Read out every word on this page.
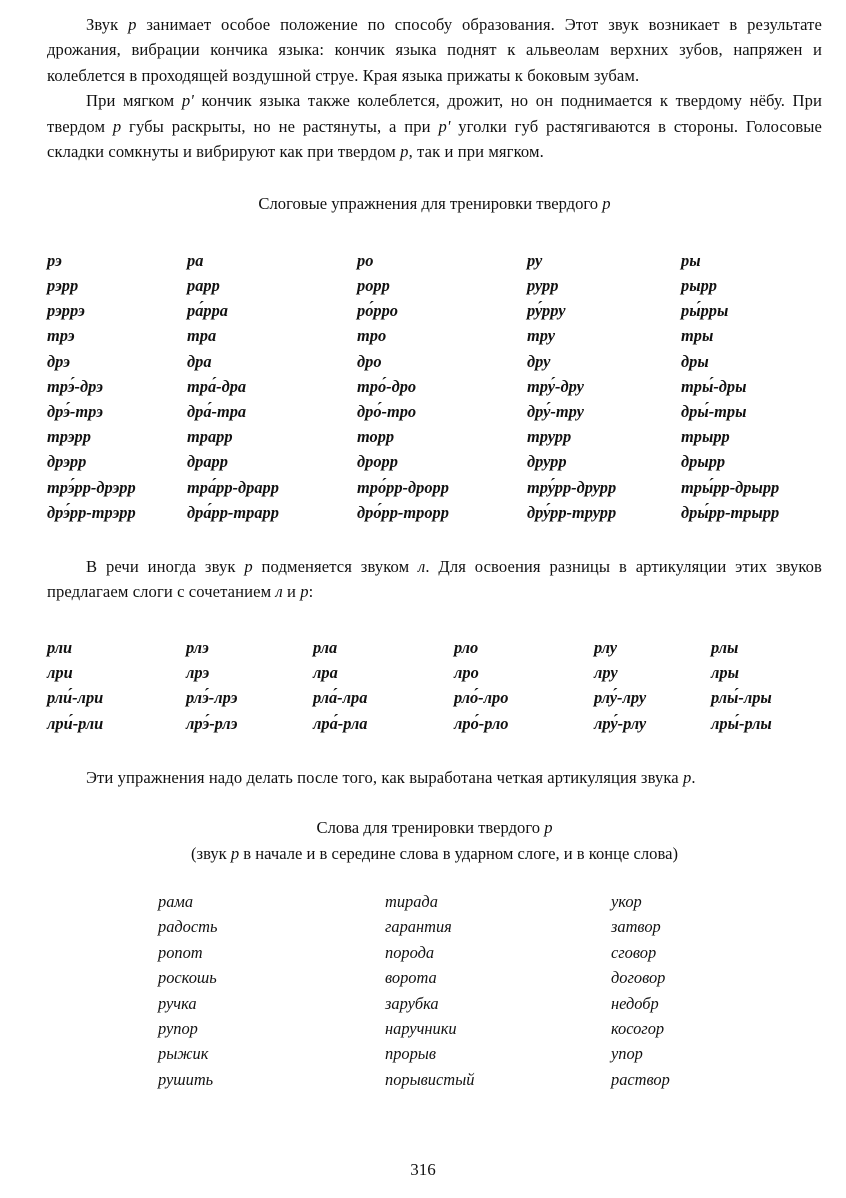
Звук р занимает особое положение по способу образования. Этот звук возникает в результате дрожания, вибрации кончика языка: кончик языка поднят к альвеолам верхних зубов, напряжен и колеблется в проходящей воздушной струе. Края языка прижаты к боковым зубам.

При мягком р' кончик языка также колеблется, дрожит, но он поднимается к твердому нёбу. При твердом р губы раскрыты, но не растянуты, а при р' уголки губ растягиваются в стороны. Голосовые складки сомкнуты и вибрируют как при твердом р, так и при мягком.

Слоговые упражнения для тренировки твердого р
рэ	ра	ро	ру	ры
рэрр	рарр	рорр	рурр	рырр
рэррэ	ра́рра	ро́рро	ру́рру	ры́рры
трэ	тра	тро	тру	тры
дрэ	дра	дро	дру	дры
трэ́-дрэ	тра́-дра	тро́-дро	тру́-дру	тры́-дры
дрэ́-трэ	дра́-тра	дро́-тро	дру́-тру	дры́-тры
трэрр	трарр	торр	трурр	трырр
дрэрр	драрр	дрорр	друрр	дрырр
трэ́рр-дрэрр	тра́рр-драрр	тро́рр-дрорр	тру́рр-друрр	тры́рр-дрырр
дрэ́рр-трэрр	дра́рр-трарр	дро́рр-трорр	дру́рр-трурр	дры́рр-трырр

В речи иногда звук р подменяется звуком л. Для освоения разницы в артикуляции этих звуков предлагаем слоги с сочетанием л и р:

рли	рлэ	рла	рло	рлу	рлы
лри	лрэ	лра	лро	лру	лры
рли́-лри	рлэ́-лрэ	рла́-лра	рло́-лро	рлу́-лру	рлы́-лры
лри́-рли	лрэ́-рлэ	лра́-рла	лро́-рло	лру́-рлу	лры́-рлы

Эти упражнения надо делать после того, как выработана четкая артикуляция звука р.

Слова для тренировки твердого р

(звук р в начале и в середине слова в ударном слоге, и в конце слова)

рама	тирада	укор
радость	гарантия	затвор
ропот	порода	сговор
роскошь	ворота	договор
ручка	зарубка	недобр
рупор	наручники	косогор
рыжик	прорыв	упор
рушить	порывистый	раствор
316
